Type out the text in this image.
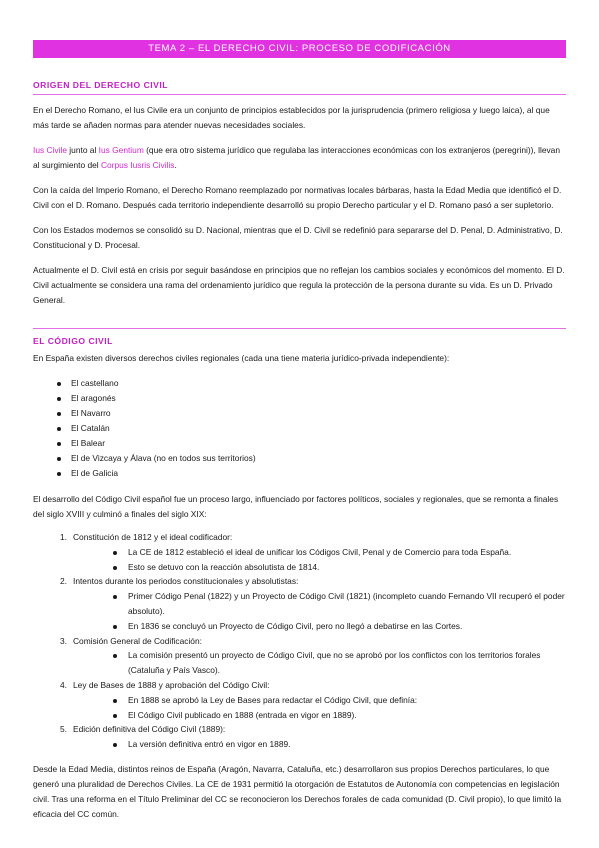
TEMA 2 – EL DERECHO CIVIL: PROCESO DE CODIFICACIÓN
ORIGEN DEL DERECHO CIVIL

En el Derecho Romano, el Ius Civile era un conjunto de principios establecidos por la jurisprudencia (primero religiosa y luego laica), al que más tarde se añaden normas para atender nuevas necesidades sociales.

Ius Civile junto al Ius Gentium (que era otro sistema jurídico que regulaba las interacciones económicas con los extranjeros (peregrini)), llevan al surgimiento del Corpus Iusris Civilis.

Con la caída del Imperio Romano, el Derecho Romano reemplazado por normativas locales bárbaras, hasta la Edad Media que identificó el D. Civil con el D. Romano. Después cada territorio independiente desarrolló su propio Derecho particular y el D. Romano pasó a ser supletorio.

Con los Estados modernos se consolidó su D. Nacional, mientras que el D. Civil se redefinió para separarse del D. Penal, D. Administrativo, D. Constitucional y D. Procesal.

Actualmente el D. Civil está en crisis por seguir basándose en principios que no reflejan los cambios sociales y económicos del momento. El D. Civil actualmente se considera una rama del ordenamiento jurídico que regula la protección de la persona durante su vida. Es un D. Privado General.

EL CÓDIGO CIVIL

En España existen diversos derechos civiles regionales (cada una tiene materia jurídico-privada independiente):

El castellano
El aragonés
El Navarro
El Catalán
El Balear
El de Vizcaya y Álava (no en todos sus territorios)
El de Galicia

El desarrollo del Código Civil español fue un proceso largo, influenciado por factores políticos, sociales y regionales, que se remonta a finales del siglo XVIII y culminó a finales del siglo XIX:

1. Constitución de 1812 y el ideal codificador:
La CE de 1812 estableció el ideal de unificar los Códigos Civil, Penal y de Comercio para toda España.
Esto se detuvo con la reacción absolutista de 1814.
2. Intentos durante los periodos constitucionales y absolutistas:
Primer Código Penal (1822) y un Proyecto de Código Civil (1821) (incompleto cuando Fernando VII recuperó el poder absoluto).
En 1836 se concluyó un Proyecto de Código Civil, pero no llegó a debatirse en las Cortes.
3. Comisión General de Codificación:
La comisión presentó un proyecto de Código Civil, que no se aprobó por los conflictos con los territorios forales (Cataluña y País Vasco).
4. Ley de Bases de 1888 y aprobación del Código Civil:
En 1888 se aprobó la Ley de Bases para redactar el Código Civil, que definía:
El Código Civil publicado en 1888 (entrada en vigor en 1889).
5. Edición definitiva del Código Civil (1889):
La versión definitiva entró en vigor en 1889.

Desde la Edad Media, distintos reinos de España (Aragón, Navarra, Cataluña, etc.) desarrollaron sus propios Derechos particulares, lo que generó una pluralidad de Derechos Civiles. La CE de 1931 permitió la otorgación de Estatutos de Autonomía con competencias en legislación civil. Tras una reforma en el Título Preliminar del CC se reconocieron los Derechos forales de cada comunidad (D. Civil propio), lo que limitó la eficacia del CC común.
